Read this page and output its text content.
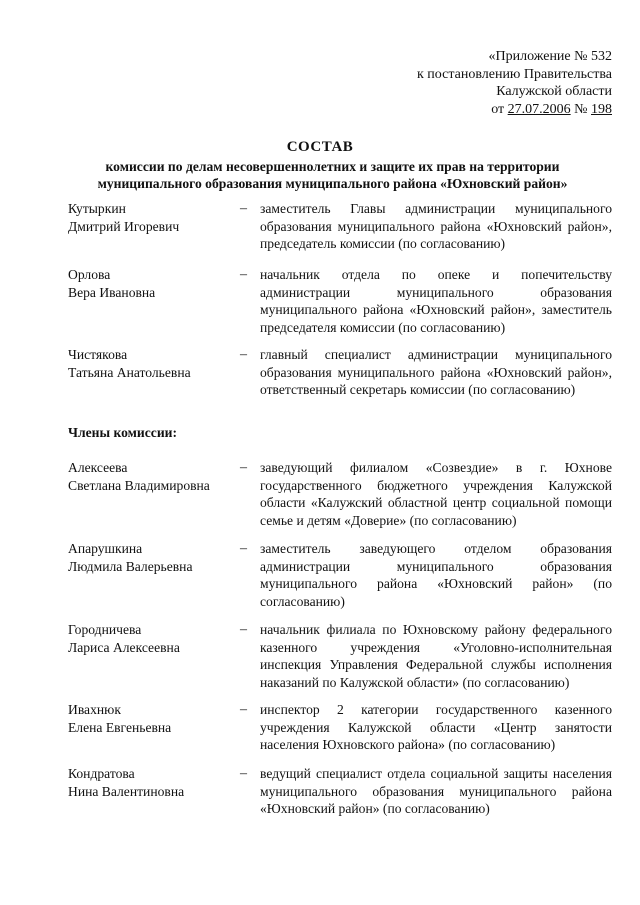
«Приложение № 532
к постановлению Правительства
Калужской области
от 27.07.2006 № 198
СОСТАВ
комиссии по делам несовершеннолетних и защите их прав на территории
муниципального образования муниципального района «Юхновский район»
Кутыркин
Дмитрий Игоревич
– заместитель Главы администрации муниципального образования муниципального района «Юхновский район», председатель комиссии (по согласованию)
Орлова
Вера Ивановна
– начальник отдела по опеке и попечительству администрации муниципального образования муниципального района «Юхновский район», заместитель председателя комиссии (по согласованию)
Чистякова
Татьяна Анатольевна
– главный специалист администрации муниципального образования муниципального района «Юхновский район», ответственный секретарь комиссии (по согласованию)
Члены комиссии:
Алексеева
Светлана Владимировна
– заведующий филиалом «Созвездие» в г. Юхнове государственного бюджетного учреждения Калужской области «Калужский областной центр социальной помощи семье и детям «Доверие» (по согласованию)
Апарушкина
Людмила Валерьевна
– заместитель заведующего отделом образования администрации муниципального образования муниципального района «Юхновский район» (по согласованию)
Городничева
Лариса Алексеевна
– начальник филиала по Юхновскому району федерального казенного учреждения «Уголовно-исполнительная инспекция Управления Федеральной службы исполнения наказаний по Калужской области» (по согласованию)
Ивахнюк
Елена Евгеньевна
– инспектор 2 категории государственного казенного учреждения Калужской области «Центр занятости населения Юхновского района» (по согласованию)
Кондратова
Нина Валентиновна
– ведущий специалист отдела социальной защиты населения муниципального образования муниципального района «Юхновский район» (по согласованию)
